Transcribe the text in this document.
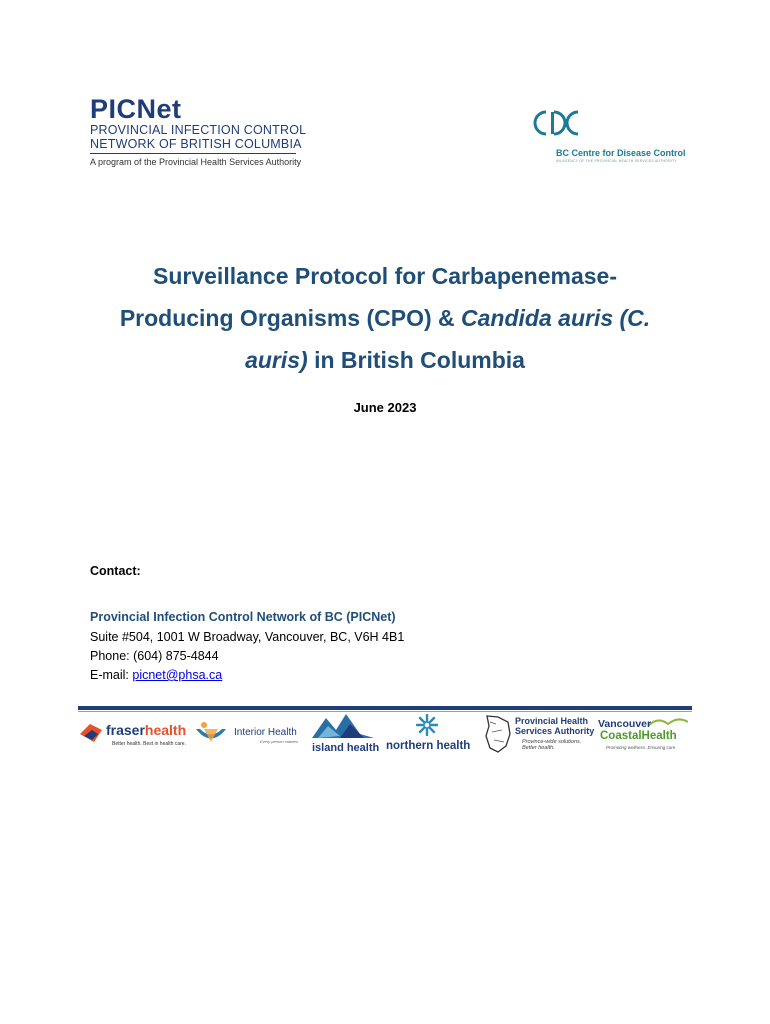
PICNet
PROVINCIAL INFECTION CONTROL
NETWORK OF BRITISH COLUMBIA
A program of the Provincial Health Services Authority
BC Centre for Disease Control
AN AGENCY OF THE PROVINCIAL HEALTH SERVICES AUTHORITY
Surveillance Protocol for Carbapenemase-
Producing Organisms (CPO) & Candida auris (C.
auris) in British Columbia
June 2023
Contact:
Provincial Infection Control Network of BC (PICNet)
Suite #504, 1001 W Broadway, Vancouver, BC, V6H 4B1
Phone: (604) 875-4844
E-mail: picnet@phsa.ca
fraserhealth
Better health. Best in health care.
Interior Health
Every person matters
island health northern health
Provincial Health
Services Authority
Province-wide solutions.
Better health.
Vancouver
CoastalHealth
Promoting wellness. Ensuring care.
